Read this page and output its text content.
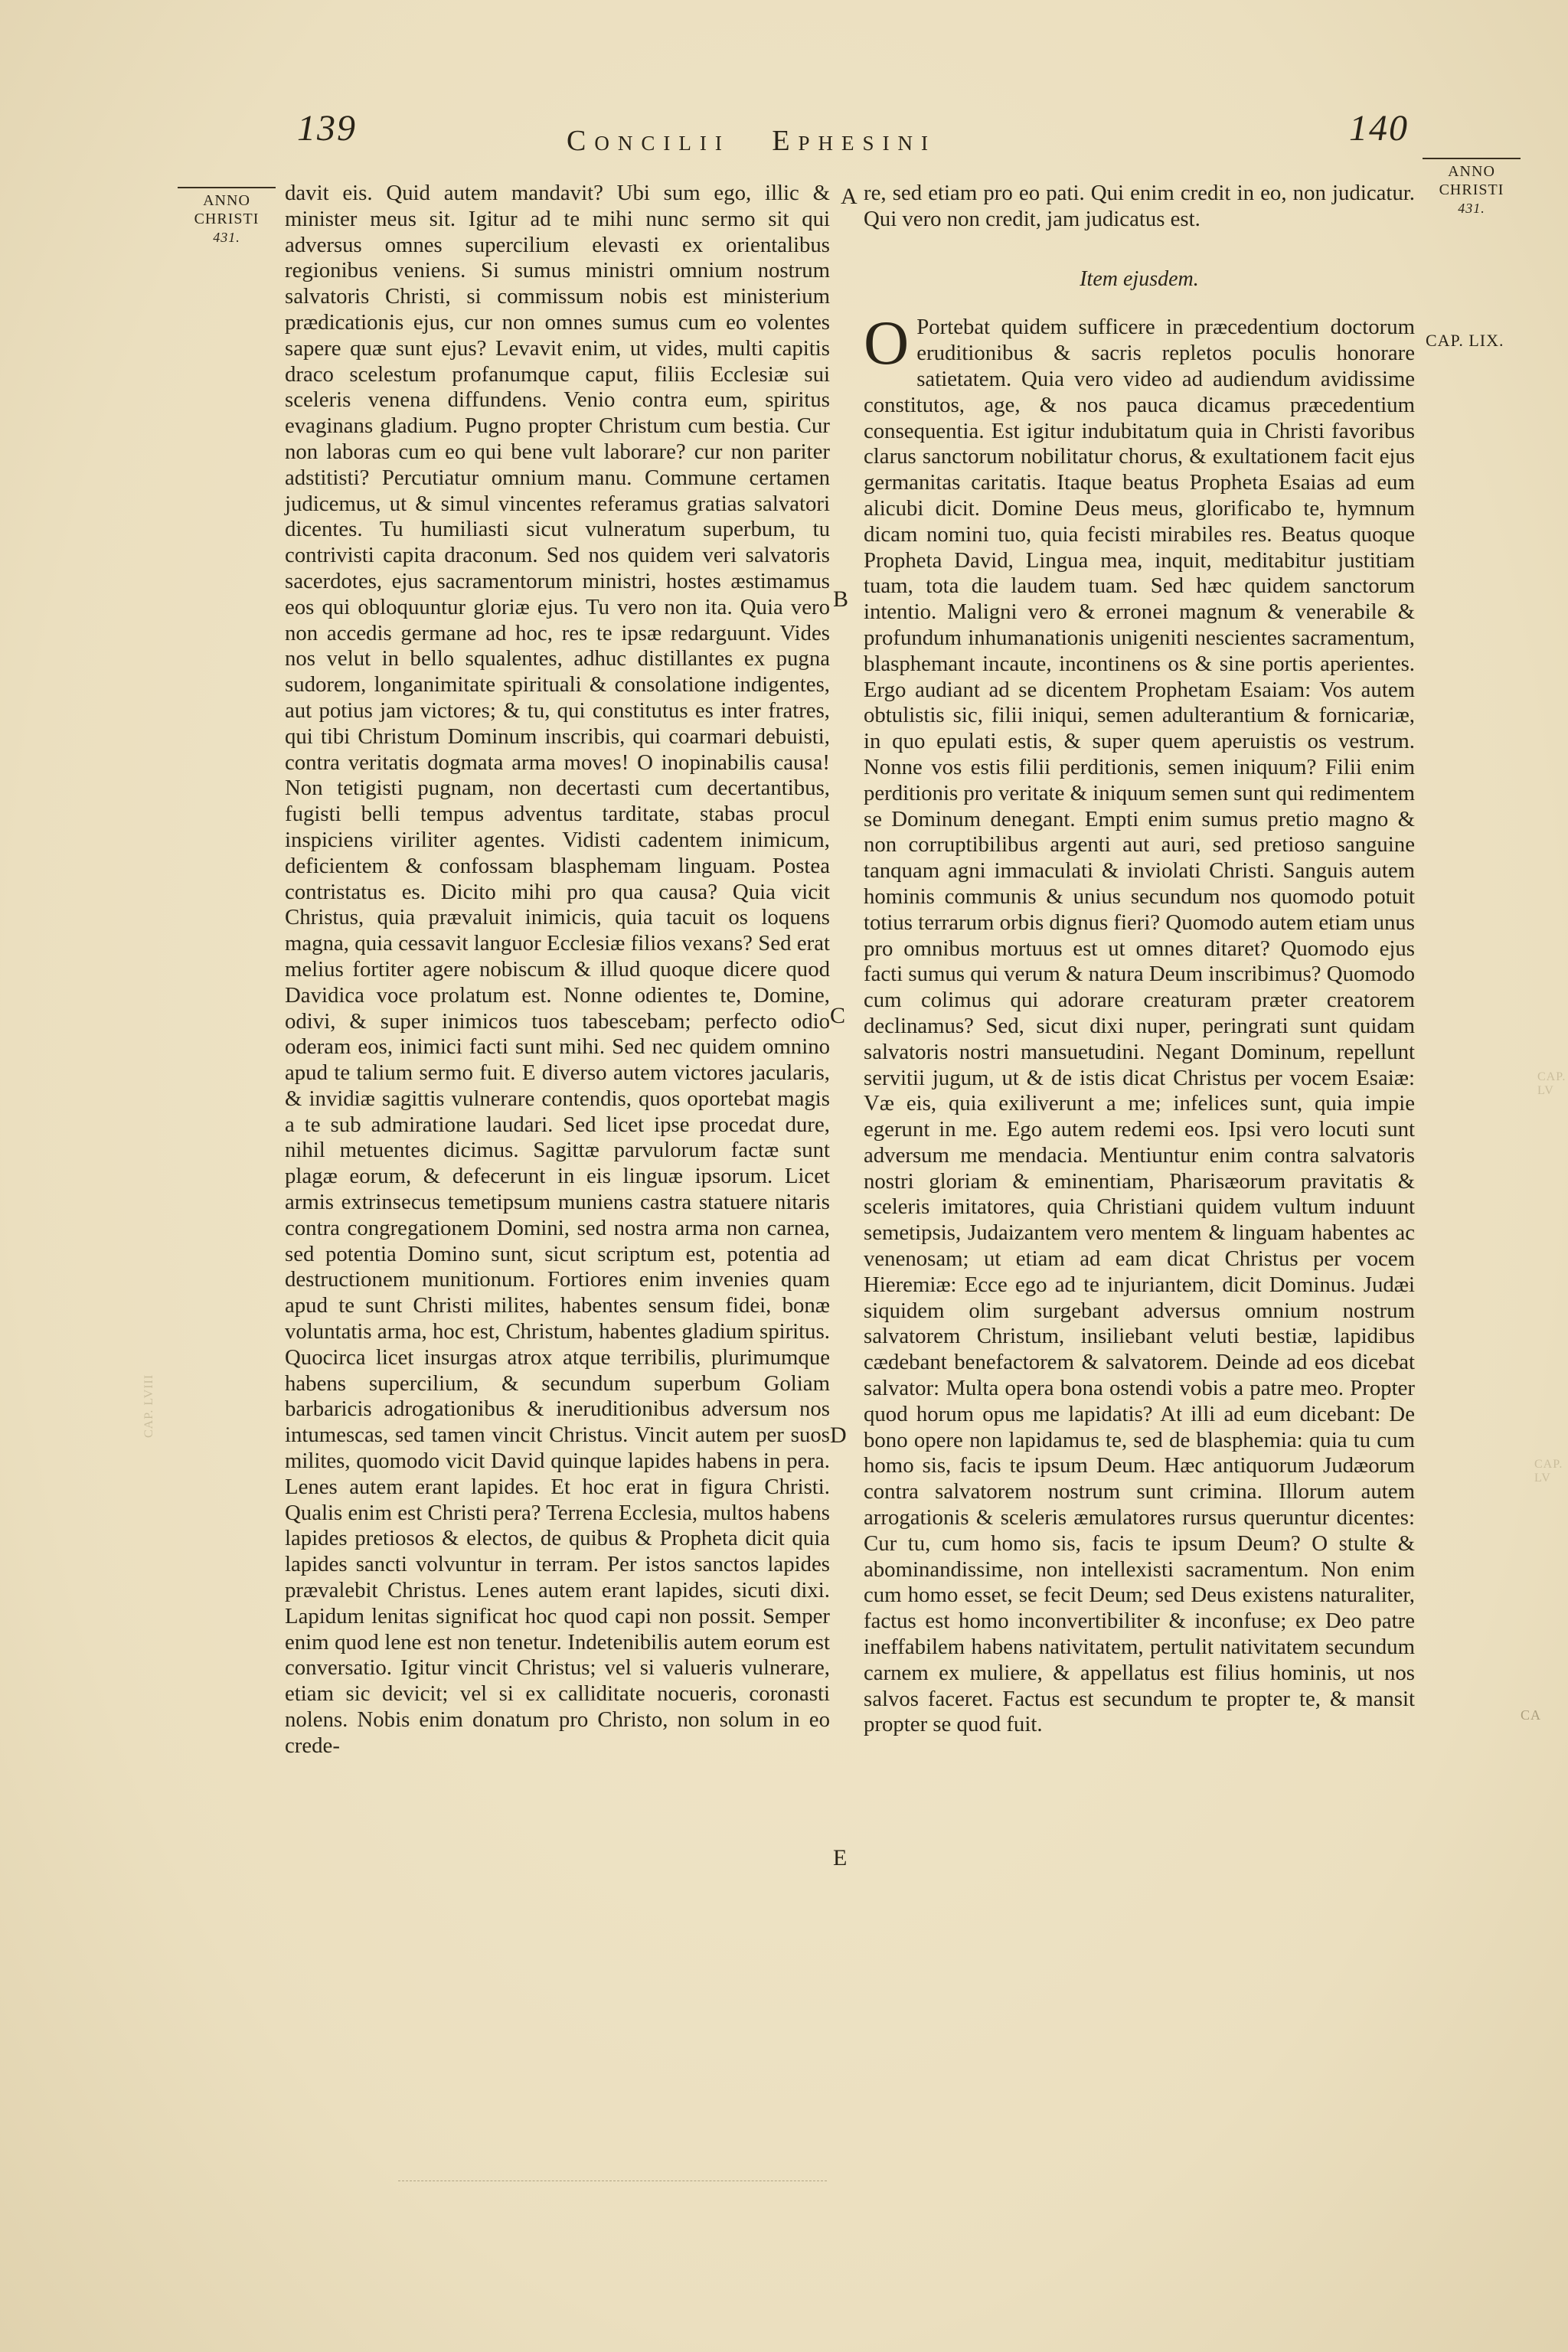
139	Concilii Ephesini	140
ANNO
CHRISTI
431.
ANNO
CHRISTI
431.
CAP. LIX.
A
B
C
D
E
CAP. LV
CA
CAP. LV
CAP. LVIII

davit eis. Quid autem mandavit? Ubi sum ego, illic & minister meus sit. Igitur ad te mihi nunc sermo sit qui adversus omnes supercilium elevasti ex orientalibus regionibus veniens. Si sumus ministri omnium nostrum salvatoris Christi, si commissum nobis est ministerium prædicationis ejus, cur non omnes sumus cum eo volentes sapere quæ sunt ejus? Levavit enim, ut vides, multi capitis draco scelestum profanumque caput, filiis Ecclesiæ sui sceleris venena diffundens. Venio contra eum, spiritus evaginans gladium. Pugno propter Christum cum bestia. Cur non laboras cum eo qui bene vult laborare? cur non pariter adstitisti? Percutiatur omnium manu. Commune certamen judicemus, ut & simul vincentes referamus gratias salvatori dicentes. Tu humiliasti sicut vulneratum superbum, tu contrivisti capita draconum. Sed nos quidem veri salvatoris sacerdotes, ejus sacramentorum ministri, hostes æstimamus eos qui obloquuntur gloriæ ejus. Tu vero non ita. Quia vero non accedis germane ad hoc, res te ipsæ redarguunt. Vides nos velut in bello squalentes, adhuc distillantes ex pugna sudorem, longanimitate spirituali & consolatione indigentes, aut potius jam victores; & tu, qui constitutus es inter fratres, qui tibi Christum Dominum inscribis, qui coarmari debuisti, contra veritatis dogmata arma moves! O inopinabilis causa! Non tetigisti pugnam, non decertasti cum decertantibus, fugisti belli tempus adventus tarditate, stabas procul inspiciens viriliter agentes. Vidisti cadentem inimicum, deficientem & confossam blasphemam linguam. Postea contristatus es. Dicito mihi pro qua causa? Quia vicit Christus, quia prævaluit inimicis, quia tacuit os loquens magna, quia cessavit languor Ecclesiæ filios vexans? Sed erat melius fortiter agere nobiscum & illud quoque dicere quod Davidica voce prolatum est. Nonne odientes te, Domine, odivi, & super inimicos tuos tabescebam; perfecto odio oderam eos, inimici facti sunt mihi. Sed nec quidem omnino apud te talium sermo fuit. E diverso autem victores jacularis, & invidiæ sagittis vulnerare contendis, quos oportebat magis a te sub admiratione laudari. Sed licet ipse procedat dure, nihil metuentes dicimus. Sagittæ parvulorum factæ sunt plagæ eorum, & defecerunt in eis linguæ ipsorum. Licet armis extrinsecus temetipsum muniens castra statuere nitaris contra congregationem Domini, sed nostra arma non carnea, sed potentia Domino sunt, sicut scriptum est, potentia ad destructionem munitionum. Fortiores enim invenies quam apud te sunt Christi milites, habentes sensum fidei, bonæ voluntatis arma, hoc est, Christum, habentes gladium spiritus. Quocirca licet insurgas atrox atque terribilis, plurimumque habens supercilium, & secundum superbum Goliam barbaricis adrogationibus & ineruditionibus adversum nos intumescas, sed tamen vincit Christus. Vincit autem per suos milites, quomodo vicit David quinque lapides habens in pera. Lenes autem erant lapides. Et hoc erat in figura Christi. Qualis enim est Christi pera? Terrena Ecclesia, multos habens lapides pretiosos & electos, de quibus & Propheta dicit quia lapides sancti volvuntur in terram. Per istos sanctos lapides prævalebit Christus. Lenes autem erant lapides, sicuti dixi. Lapidum lenitas significat hoc quod capi non possit. Semper enim quod lene est non tenetur. Indetenibilis autem eorum est conversatio. Igitur vincit Christus; vel si valueris vulnerare, etiam sic devicit; vel si ex calliditate nocueris, coronasti nolens. Nobis enim donatum pro Christo, non solum in eo crede-

re, sed etiam pro eo pati. Qui enim credit in eo, non judicatur. Qui vero non credit, jam judicatus est.

Item ejusdem.

O Portebat quidem sufficere in præcedentium doctorum eruditionibus & sacris repletos poculis honorare satietatem. Quia vero video ad audiendum avidissime constitutos, age, & nos pauca dicamus præcedentium consequentia. Est igitur indubitatum quia in Christi favoribus clarus sanctorum nobilitatur chorus, & exultationem facit ejus germanitas caritatis. Itaque beatus Propheta Esaias ad eum alicubi dicit. Domine Deus meus, glorificabo te, hymnum dicam nomini tuo, quia fecisti mirabiles res. Beatus quoque Propheta David, Lingua mea, inquit, meditabitur justitiam tuam, tota die laudem tuam. Sed hæc quidem sanctorum intentio. Maligni vero & erronei magnum & venerabile & profundum inhumanationis unigeniti nescientes sacramentum, blasphemant incaute, incontinens os & sine portis aperientes. Ergo audiant ad se dicentem Prophetam Esaiam: Vos autem obtulistis sic, filii iniqui, semen adulterantium & fornicariæ, in quo epulati estis, & super quem aperuistis os vestrum. Nonne vos estis filii perditionis, semen iniquum? Filii enim perditionis pro veritate & iniquum semen sunt qui redimentem se Dominum denegant. Empti enim sumus pretio magno & non corruptibilibus argenti aut auri, sed pretioso sanguine tanquam agni immaculati & inviolati Christi. Sanguis autem hominis communis & unius secundum nos quomodo potuit totius terrarum orbis dignus fieri? Quomodo autem etiam unus pro omnibus mortuus est ut omnes ditaret? Quomodo ejus facti sumus qui verum & natura Deum inscribimus? Quomodo cum colimus qui adorare creaturam præter creatorem declinamus? Sed, sicut dixi nuper, peringrati sunt quidam salvatoris nostri mansuetudini. Negant Dominum, repellunt servitii jugum, ut & de istis dicat Christus per vocem Esaiæ: Væ eis, quia exiliverunt a me; infelices sunt, quia impie egerunt in me. Ego autem redemi eos. Ipsi vero locuti sunt adversum me mendacia. Mentiuntur enim contra salvatoris nostri gloriam & eminentiam, Pharisæorum pravitatis & sceleris imitatores, quia Christiani quidem vultum induunt semetipsis, Judaizantem vero mentem & linguam habentes ac venenosam; ut etiam ad eam dicat Christus per vocem Hieremiæ: Ecce ego ad te injuriantem, dicit Dominus. Judæi siquidem olim surgebant adversus omnium nostrum salvatorem Christum, insiliebant veluti bestiæ, lapidibus cædebant benefactorem & salvatorem. Deinde ad eos dicebat salvator: Multa opera bona ostendi vobis a patre meo. Propter quod horum opus me lapidatis? At illi ad eum dicebant: De bono opere non lapidamus te, sed de blasphemia: quia tu cum homo sis, facis te ipsum Deum. Hæc antiquorum Judæorum contra salvatorem nostrum sunt crimina. Illorum autem arrogationis & sceleris æmulatores rursus queruntur dicentes: Cur tu, cum homo sis, facis te ipsum Deum? O stulte & abominandissime, non intellexisti sacramentum. Non enim cum homo esset, se fecit Deum; sed Deus existens naturaliter, factus est homo inconvertibiliter & inconfuse; ex Deo patre ineffabilem habens nativitatem, pertulit nativitatem secundum carnem ex muliere, & appellatus est filius hominis, ut nos salvos faceret. Factus est secundum te propter te, & mansit propter se quod fuit.
